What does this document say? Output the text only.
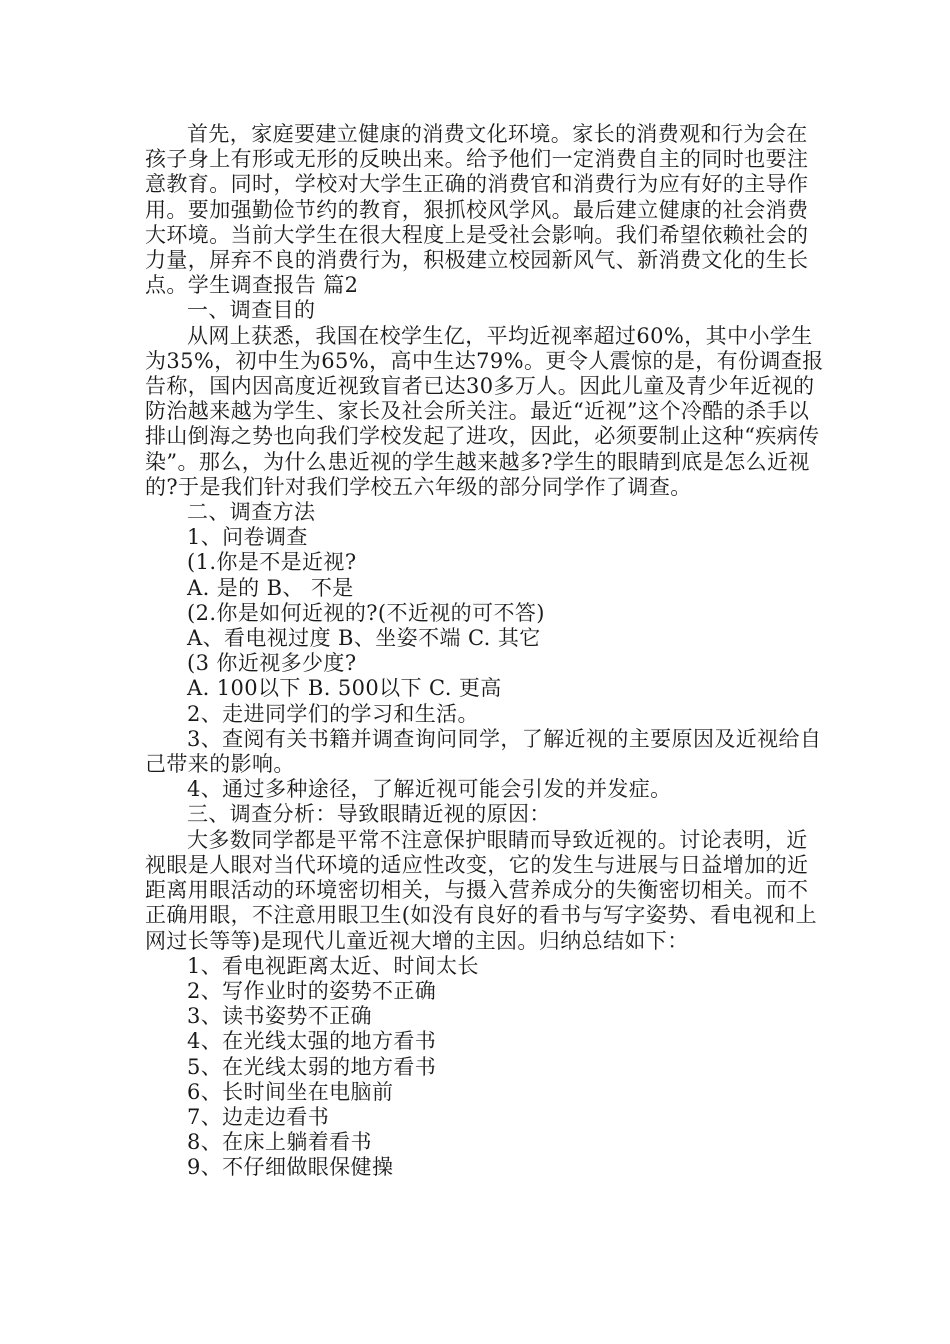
首先，家庭要建立健康的消费文化环境。家长的消费观和行为会在孩子身上有形或无形的反映出来。给予他们一定消费自主的同时也要注意教育。同时，学校对大学生正确的消费官和消费行为应有好的主导作用。要加强勤俭节约的教育，狠抓校风学风。最后建立健康的社会消费大环境。当前大学生在很大程度上是受社会影响。我们希望依赖社会的力量，屏弃不良的消费行为，积极建立校园新风气、新消费文化的生长点。学生调查报告 篇2

一、调查目的

从网上获悉，我国在校学生亿，平均近视率超过60%，其中小学生为35%，初中生为65%，高中生达79%。更令人震惊的是，有份调查报告称，国内因高度近视致盲者已达30多万人。因此儿童及青少年近视的防治越来越为学生、家长及社会所关注。最近“近视”这个冷酷的杀手以排山倒海之势也向我们学校发起了进攻，因此，必须要制止这种“疾病传染”。那么，为什么患近视的学生越来越多?学生的眼睛到底是怎么近视的?于是我们针对我们学校五六年级的部分同学作了调查。

二、调查方法

1、问卷调查

(1.你是不是近视?

A. 是的 B、 不是

(2.你是如何近视的?(不近视的可不答)

A、看电视过度 B、坐姿不端 C. 其它

(3 你近视多少度?

A. 100以下 B. 500以下 C. 更高

2、走进同学们的学习和生活。

3、查阅有关书籍并调查询问同学，了解近视的主要原因及近视给自己带来的影响。

4、通过多种途径，了解近视可能会引发的并发症。

三、调查分析：导致眼睛近视的原因：

大多数同学都是平常不注意保护眼睛而导致近视的。讨论表明，近视眼是人眼对当代环境的适应性改变，它的发生与进展与日益增加的近距离用眼活动的环境密切相关，与摄入营养成分的失衡密切相关。而不正确用眼，不注意用眼卫生(如没有良好的看书与写字姿势、看电视和上网过长等等)是现代儿童近视大增的主因。归纳总结如下：

1、看电视距离太近、时间太长

2、写作业时的姿势不正确

3、读书姿势不正确

4、在光线太强的地方看书

5、在光线太弱的地方看书

6、长时间坐在电脑前

7、边走边看书

8、在床上躺着看书

9、不仔细做眼保健操
